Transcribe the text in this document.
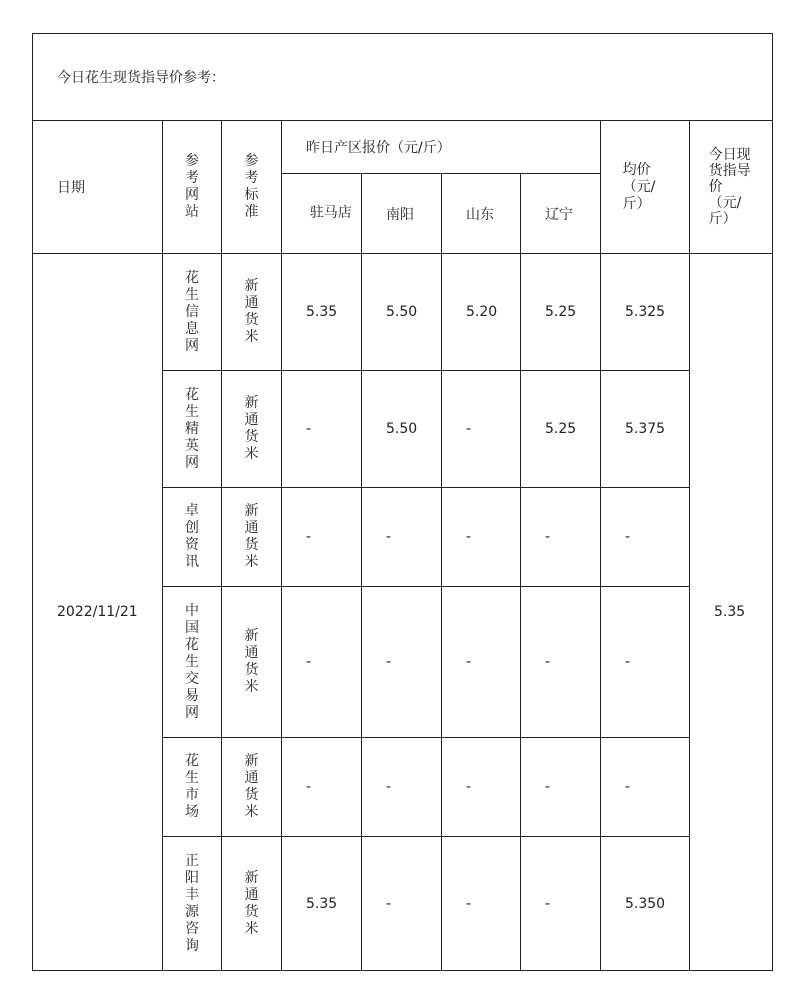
今日花生现货指导价参考：								
日期	参考网站	参考标准	昨日产区报价（元/斤）				均价（元/斤）	今日现货指导价（元/斤）

			驻马店	南阳	山东	辽宁		
2022/11/21	花生信息网	新通货米	5.35	5.50	5.20	5.25	5.325	5.35

	花生精英网	新通货米	-	5.50	-	5.25	5.375	

	卓创资讯	新通货米	-	-	-	-	-	

	中国花生交易网	新通货米	-	-	-	-	-	

	花生市场	新通货米	-	-	-	-	-	

	正阳丰源咨询	新通货米	5.35	-	-	-	5.350	
